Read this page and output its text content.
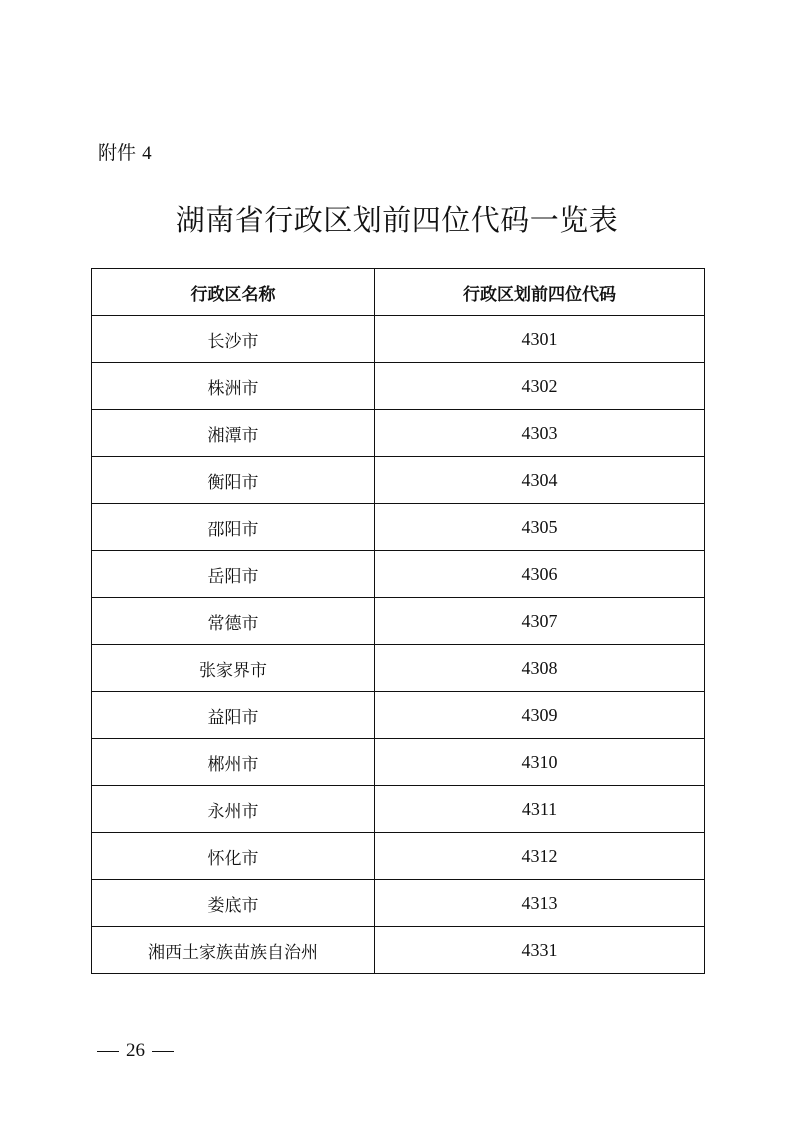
附件 4
湖南省行政区划前四位代码一览表
行政区名称	行政区划前四位代码
长沙市	4301
株洲市	4302
湘潭市	4303
衡阳市	4304
邵阳市	4305
岳阳市	4306
常德市	4307
张家界市	4308
益阳市	4309
郴州市	4310
永州市	4311
怀化市	4312
娄底市	4313
湘西土家族苗族自治州	4331
26
